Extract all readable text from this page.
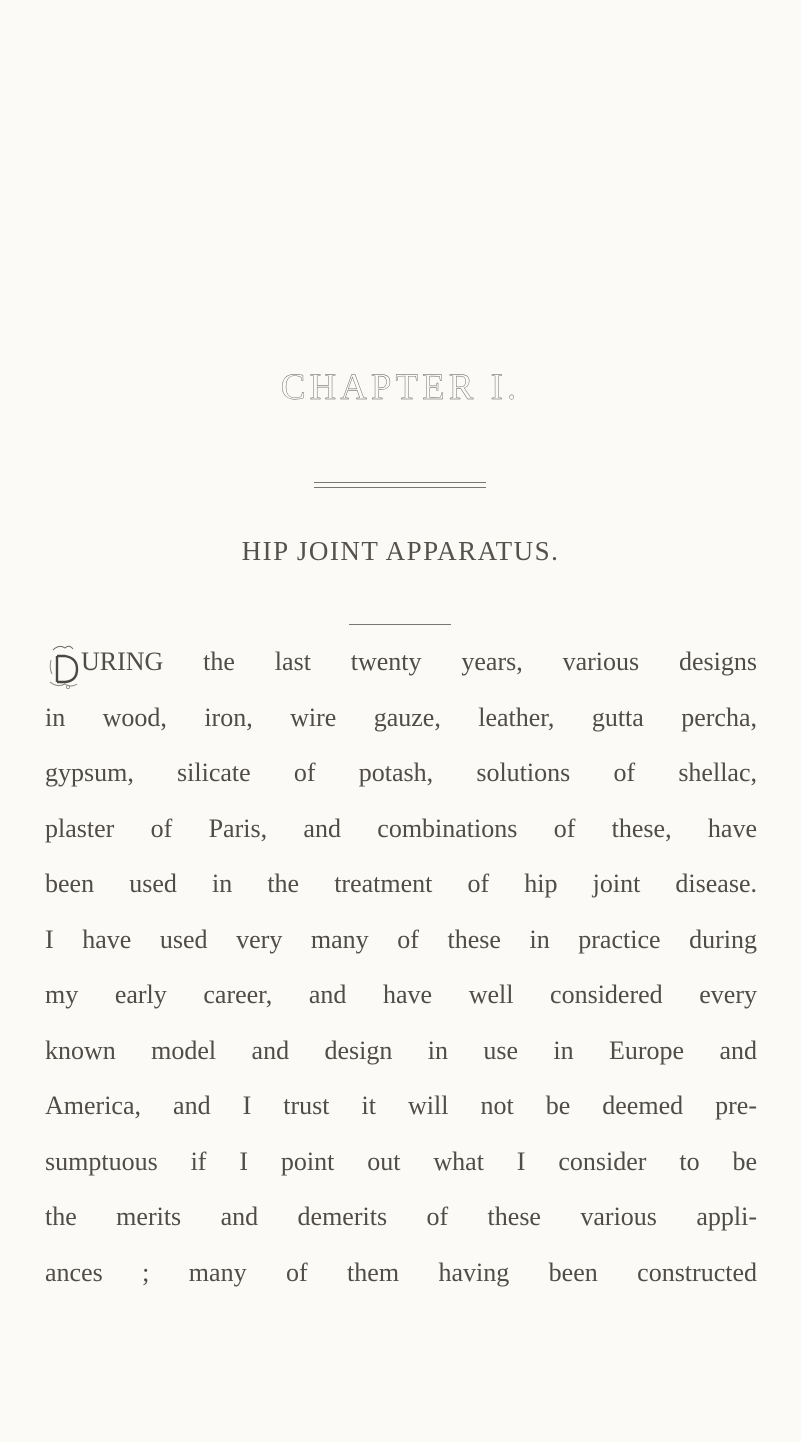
CHAPTER I.
HIP JOINT APPARATUS.
URING the last twenty years, various designs
in wood, iron, wire gauze, leather, gutta percha,
gypsum, silicate of potash, solutions of shellac,
plaster of Paris, and combinations of these, have
been used in the treatment of hip joint disease.
I have used very many of these in practice during
my early career, and have well considered every
known model and design in use in Europe and
America, and I trust it will not be deemed pre-
sumptuous if I point out what I consider to be
the merits and demerits of these various appli-
ances ; many of them having been constructed
